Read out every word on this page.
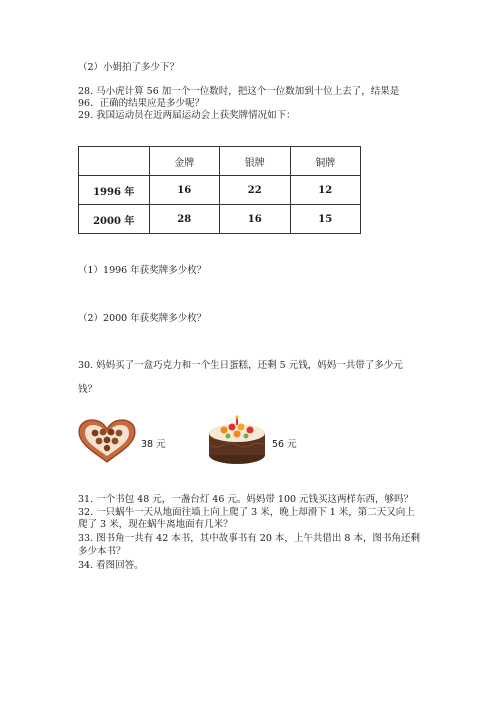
（2）小娟拍了多少下？
28. 马小虎计算 56 加一个一位数时，把这个一位数加到十位上去了，结果是
96．正确的结果应是多少呢？
29. 我国运动员在近两届运动会上获奖牌情况如下：
	金牌	银牌	铜牌
1996 年	16	22	12
2000 年	28	16	15
（1）1996 年获奖牌多少枚？
（2）2000 年获奖牌多少枚？
30. 妈妈买了一盒巧克力和一个生日蛋糕，还剩 5 元钱，妈妈一共带了多少元
钱？
38 元	56 元
31. 一个书包 48 元，一盏台灯 46 元。妈妈带 100 元钱买这两样东西，够吗？
32. 一只蜗牛一天从地面往墙上向上爬了 3 米，晚上却滑下 1 米，第二天又向上
爬了 3 米，现在蜗牛离地面有几米？
33. 图书角一共有 42 本书，其中故事书有 20 本，上午共借出 8 本，图书角还剩
多少本书？
34. 看图回答。
